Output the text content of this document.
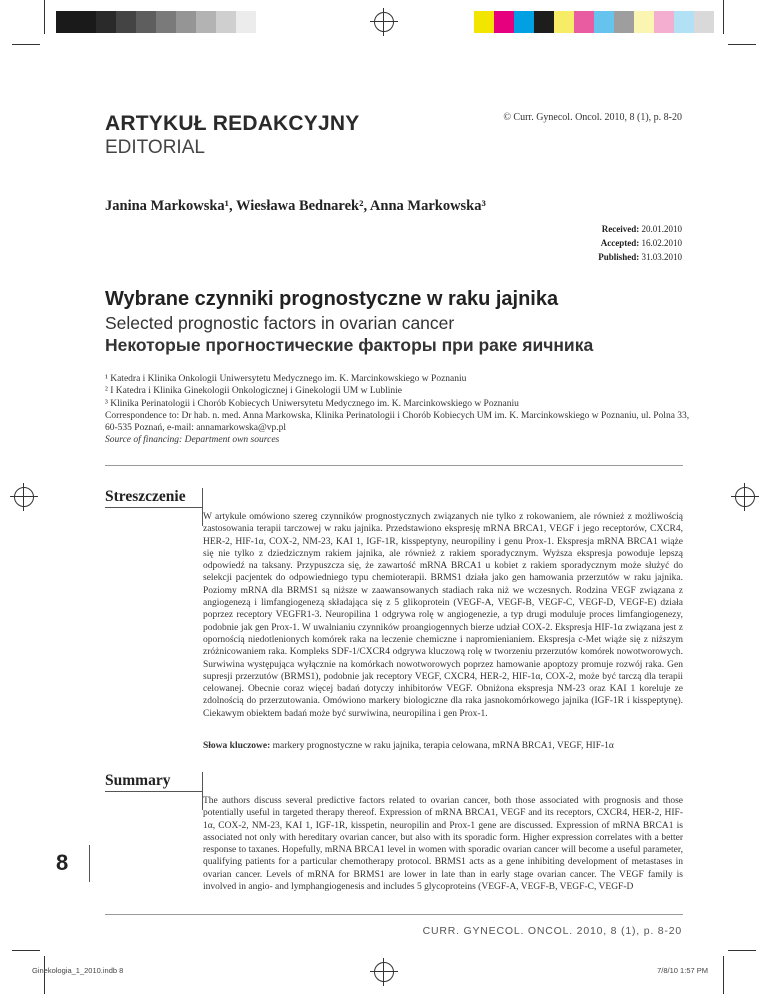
ARTYKUŁ REDAKCYJNY
EDITORIAL
© Curr. Gynecol. Oncol. 2010, 8 (1), p. 8-20
Janina Markowska¹, Wiesława Bednarek², Anna Markowska³
Received: 20.01.2010
Accepted: 16.02.2010
Published: 31.03.2010
Wybrane czynniki prognostyczne w raku jajnika
Selected prognostic factors in ovarian cancer
Некоторые прогностические факторы при раке яичника
¹ Katedra i Klinika Onkologii Uniwersytetu Medycznego im. K. Marcinkowskiego w Poznaniu
² I Katedra i Klinika Ginekologii Onkologicznej i Ginekologii UM w Lublinie
³ Klinika Perinatologii i Chorób Kobiecych Uniwersytetu Medycznego im. K. Marcinkowskiego w Poznaniu
Correspondence to: Dr hab. n. med. Anna Markowska, Klinika Perinatologii i Chorób Kobiecych UM im. K. Marcinkowskiego w Poznaniu, ul. Polna 33, 60-535 Poznań, e-mail: annamarkowska@vp.pl
Source of financing: Department own sources
Streszczenie
W artykule omówiono szereg czynników prognostycznych związanych nie tylko z rokowaniem, ale również z możliwością zastosowania terapii tarczowej w raku jajnika. Przedstawiono ekspresję mRNA BRCA1, VEGF i jego receptorów, CXCR4, HER-2, HIF-1α, COX-2, NM-23, KAI 1, IGF-1R, kisspeptyny, neuropiliny i genu Prox-1. Ekspresja mRNA BRCA1 wiąże się nie tylko z dziedzicznym rakiem jajnika, ale również z rakiem sporadycznym. Wyższa ekspresja powoduje lepszą odpowiedź na taksany. Przypuszcza się, że zawartość mRNA BRCA1 u kobiet z rakiem sporadycznym może służyć do selekcji pacjentek do odpowiedniego typu chemioterapii. BRMS1 działa jako gen hamowania przerzutów w raku jajnika. Poziomy mRNA dla BRMS1 są niższe w zaawansowanych stadiach raka niż we wczesnych. Rodzina VEGF związana z angiogenezą i limfangiogenezą składająca się z 5 glikoprotein (VEGF-A, VEGF-B, VEGF-C, VEGF-D, VEGF-E) działa poprzez receptory VEGFR1-3. Neuropilina 1 odgrywa rolę w angiogenezie, a typ drugi moduluje proces limfangiogenezy, podobnie jak gen Prox-1. W uwalnianiu czynników proangiogennych bierze udział COX-2. Ekspresja HIF-1α związana jest z opornością niedotlenionych komórek raka na leczenie chemiczne i napromienianiem. Ekspresja c-Met wiąże się z niższym zróżnicowaniem raka. Kompleks SDF-1/CXCR4 odgrywa kluczową rolę w tworzeniu przerzutów komórek nowotworowych. Surwiwina występująca wyłącznie na komórkach nowotworowych poprzez hamowanie apoptozy promuje rozwój raka. Gen supresji przerzutów (BRMS1), podobnie jak receptory VEGF, CXCR4, HER-2, HIF-1α, COX-2, może być tarczą dla terapii celowanej. Obecnie coraz więcej badań dotyczy inhibitorów VEGF. Obniżona ekspresja NM-23 oraz KAI 1 koreluje ze zdolnością do przerzutowania. Omówiono markery biologiczne dla raka jasnokomórkowego jajnika (IGF-1R i kisspeptynę). Ciekawym obiektem badań może być surwiwina, neuropilina i gen Prox-1.
Słowa kluczowe: markery prognostyczne w raku jajnika, terapia celowana, mRNA BRCA1, VEGF, HIF-1α
Summary
The authors discuss several predictive factors related to ovarian cancer, both those associated with prognosis and those potentially useful in targeted therapy thereof. Expression of mRNA BRCA1, VEGF and its receptors, CXCR4, HER-2, HIF-1α, COX-2, NM-23, KAI 1, IGF-1R, kisspetin, neuropilin and Prox-1 gene are discussed. Expression of mRNA BRCA1 is associated not only with hereditary ovarian cancer, but also with its sporadic form. Higher expression correlates with a better response to taxanes. Hopefully, mRNA BRCA1 level in women with sporadic ovarian cancer will become a useful parameter, qualifying patients for a particular chemotherapy protocol. BRMS1 acts as a gene inhibiting development of metastases in ovarian cancer. Levels of mRNA for BRMS1 are lower in late than in early stage ovarian cancer. The VEGF family is involved in angio- and lymphangiogenesis and includes 5 glycoproteins (VEGF-A, VEGF-B, VEGF-C, VEGF-D
8
CURR. GYNECOL. ONCOL. 2010, 8 (1), p. 8-20
Ginekologia_1_2010.indb 8	7/8/10 1:57 PM
